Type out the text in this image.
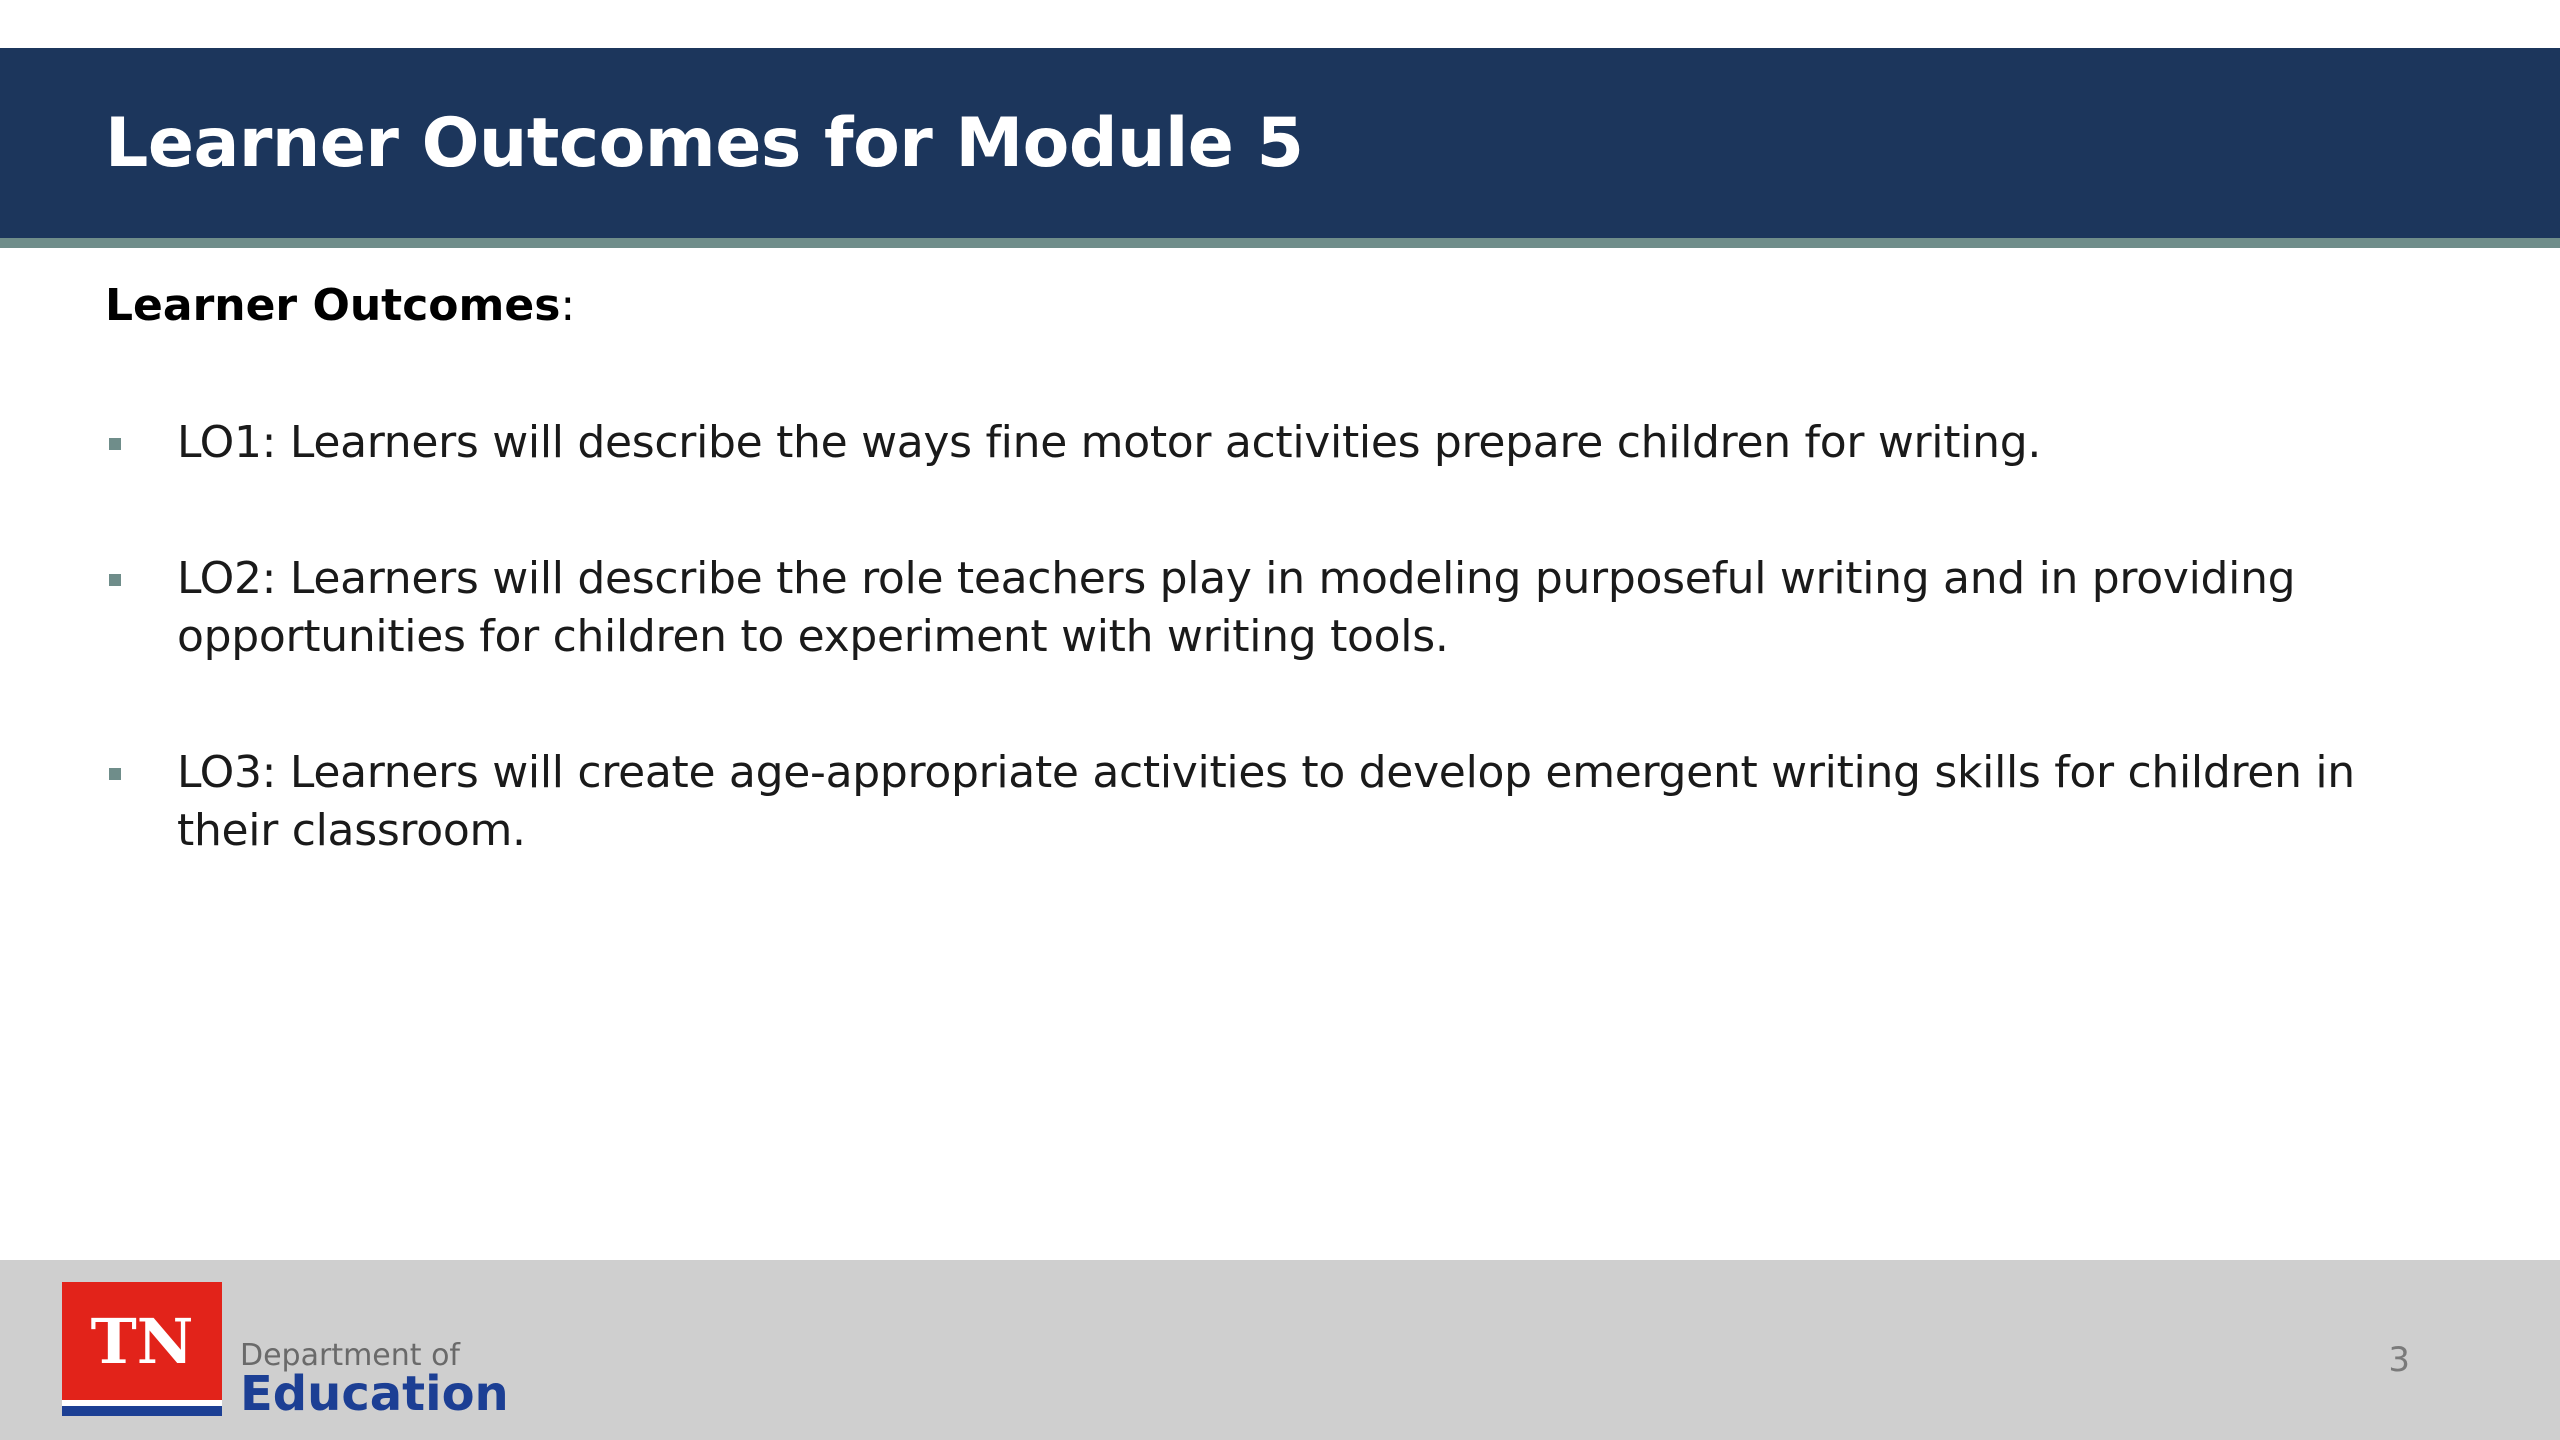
Learner Outcomes for Module 5
Learner Outcomes:
LO1: Learners will describe the ways fine motor activities prepare children for writing.
LO2: Learners will describe the role teachers play in modeling purposeful writing and in providing opportunities for children to experiment with writing tools.
LO3: Learners will create age-appropriate activities to develop emergent writing skills for children in their classroom.
TN	Department of
Education
3
